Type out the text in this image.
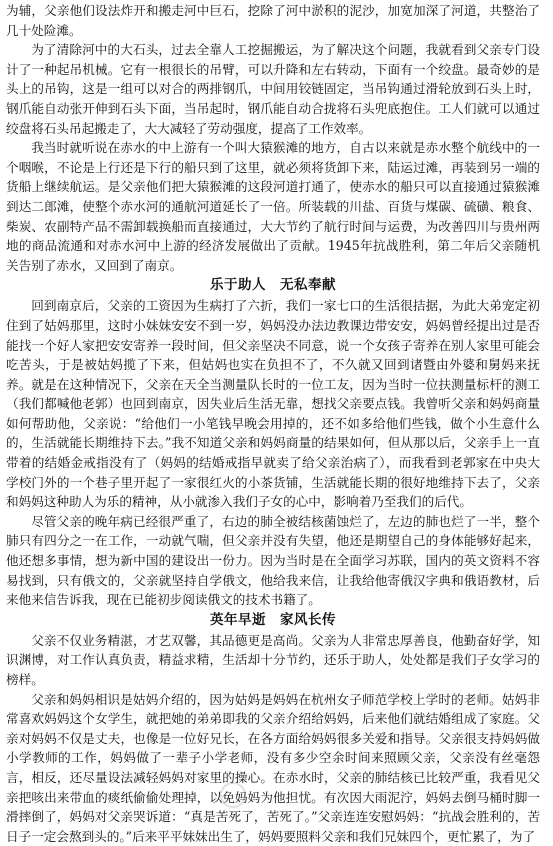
为辅，父亲他们设法炸开和搬走河中巨石，挖除了河中淤积的泥沙，加宽加深了河道，共整治了几十处险滩。

为了清除河中的大石头，过去全靠人工挖掘搬运，为了解决这个问题，我就看到父亲专门设计了一种起吊机械。它有一根很长的吊臂，可以升降和左右转动，下面有一个绞盘。最奇妙的是头上的吊钩，这是一组可以对合的两排钢爪，中间用铰链固定，当吊钩通过滑轮放到石头上时，钢爪能自动张开伸到石头下面，当吊起时，钢爪能自动合拢将石头兜底抱住。工人们就可以通过绞盘将石头吊起搬走了，大大减轻了劳动强度，提高了工作效率。

我当时就听说在赤水的中上游有一个叫大猿猴滩的地方，自古以来就是赤水整个航线中的一个咽喉，不论是上行还是下行的船只到了这里，就必须将货卸下来，陆运过滩，再装到另一端的货船上继续航运。是父亲他们把大猿猴滩的这段河道打通了，使赤水的船只可以直接通过猿猴滩到达二郎滩，使整个赤水河的通航河道延长了一倍。所装载的川盐、百货与煤碳、硫磺、粮食、柴炭、农副特产品不需卸载换船而直接通过，大大节约了航行时间与运费，为改善四川与贵州两地的商品流通和对赤水河中上游的经济发展做出了贡献。1945年抗战胜利，第二年后父亲随机关告别了赤水，又回到了南京。

乐于助人　无私奉献

回到南京后，父亲的工资因为生病打了六折，我们一家七口的生活很拮据，为此大弟宠定初住到了姑妈那里，这时小妹妹安安不到一岁，妈妈没办法边教课边带安安，妈妈曾经提出过是否能找一个好人家把安安寄养一段时间，但父亲坚决不同意，说一个女孩子寄养在别人家里可能会吃苦头，于是被姑妈揽了下来，但姑妈也实在负担不了，不久就又回到诸暨由外婆和舅妈来抚养。就是在这种情况下，父亲在天全当测量队长时的一位工友，因为当时一位扶测量标杆的测工（我们都喊他老郭）也回到南京，因失业后生活无靠，想找父亲要点钱。我曾听父亲和妈妈商量如何帮助他，父亲说：“给他们一小笔钱早晚会用掉的，还不如多给他们些钱，做个小生意什么的，生活就能长期维持下去。”我不知道父亲和妈妈商量的结果如何，但从那以后，父亲手上一直带着的结婚金戒指没有了（妈妈的结婚戒指早就卖了给父亲治病了），而我看到老郭家在中央大学校门外的一个巷子里开起了一家很红火的小茶货铺，生活就能长期的很好地维持下去了，父亲和妈妈这种助人为乐的精神，从小就渗入我们子女的心中，影响着乃至我们的后代。

尽管父亲的晚年病已经很严重了，右边的肺全被结核菌蚀烂了，左边的肺也烂了一半，整个肺只有四分之一在工作，一动就气喘，但父亲并没有失望，他还是期望自己的身体能够好起来，他还想多事情，想为新中国的建设出一份力。因为当时是在全面学习苏联，国内的英文资料不容易找到，只有俄文的，父亲就坚持自学俄文，他给我来信，让我给他寄俄汉字典和俄语教材，后来他来信告诉我，现在已能初步阅读俄文的技术书籍了。

英年早逝　家风长传

父亲不仅业务精湛，才艺双馨，其品德更是高尚。父亲为人非常忠厚善良，他勤奋好学，知识渊博，对工作认真负责，精益求精，生活却十分节约，还乐于助人，处处都是我们子女学习的榜样。

父亲和妈妈相识是姑妈介绍的，因为姑妈是妈妈在杭州女子师范学校上学时的老师。姑妈非常喜欢妈妈这个女学生，就把她的弟弟即我的父亲介绍给妈妈，后来他们就结婚组成了家庭。父亲对妈妈不仅是丈夫，也像是一位好兄长，在各方面给妈妈很多关爱和指导。父亲很支持妈妈做小学教师的工作，妈妈做了一辈子小学老师，没有多少空余时间来照顾父亲，父亲没有丝毫怨言，相反，还尽量设法减轻妈妈对家里的操心。在赤水时，父亲的肺结核已比较严重，我看见父亲把咳出来带血的痰纸偷偷处理掉，以免妈妈为他担忧。有次因大雨泥泞，妈妈去倒马桶时脚一滑摔倒了，妈妈对父亲哭诉道：“真是苦死了，苦死了。”父亲连连安慰妈妈：“抗战会胜利的，苦日子一定会熬到头的。”后来平平妹妹出生了，妈妈要照料父亲和我们兄妹四个，更忙累了，为了
